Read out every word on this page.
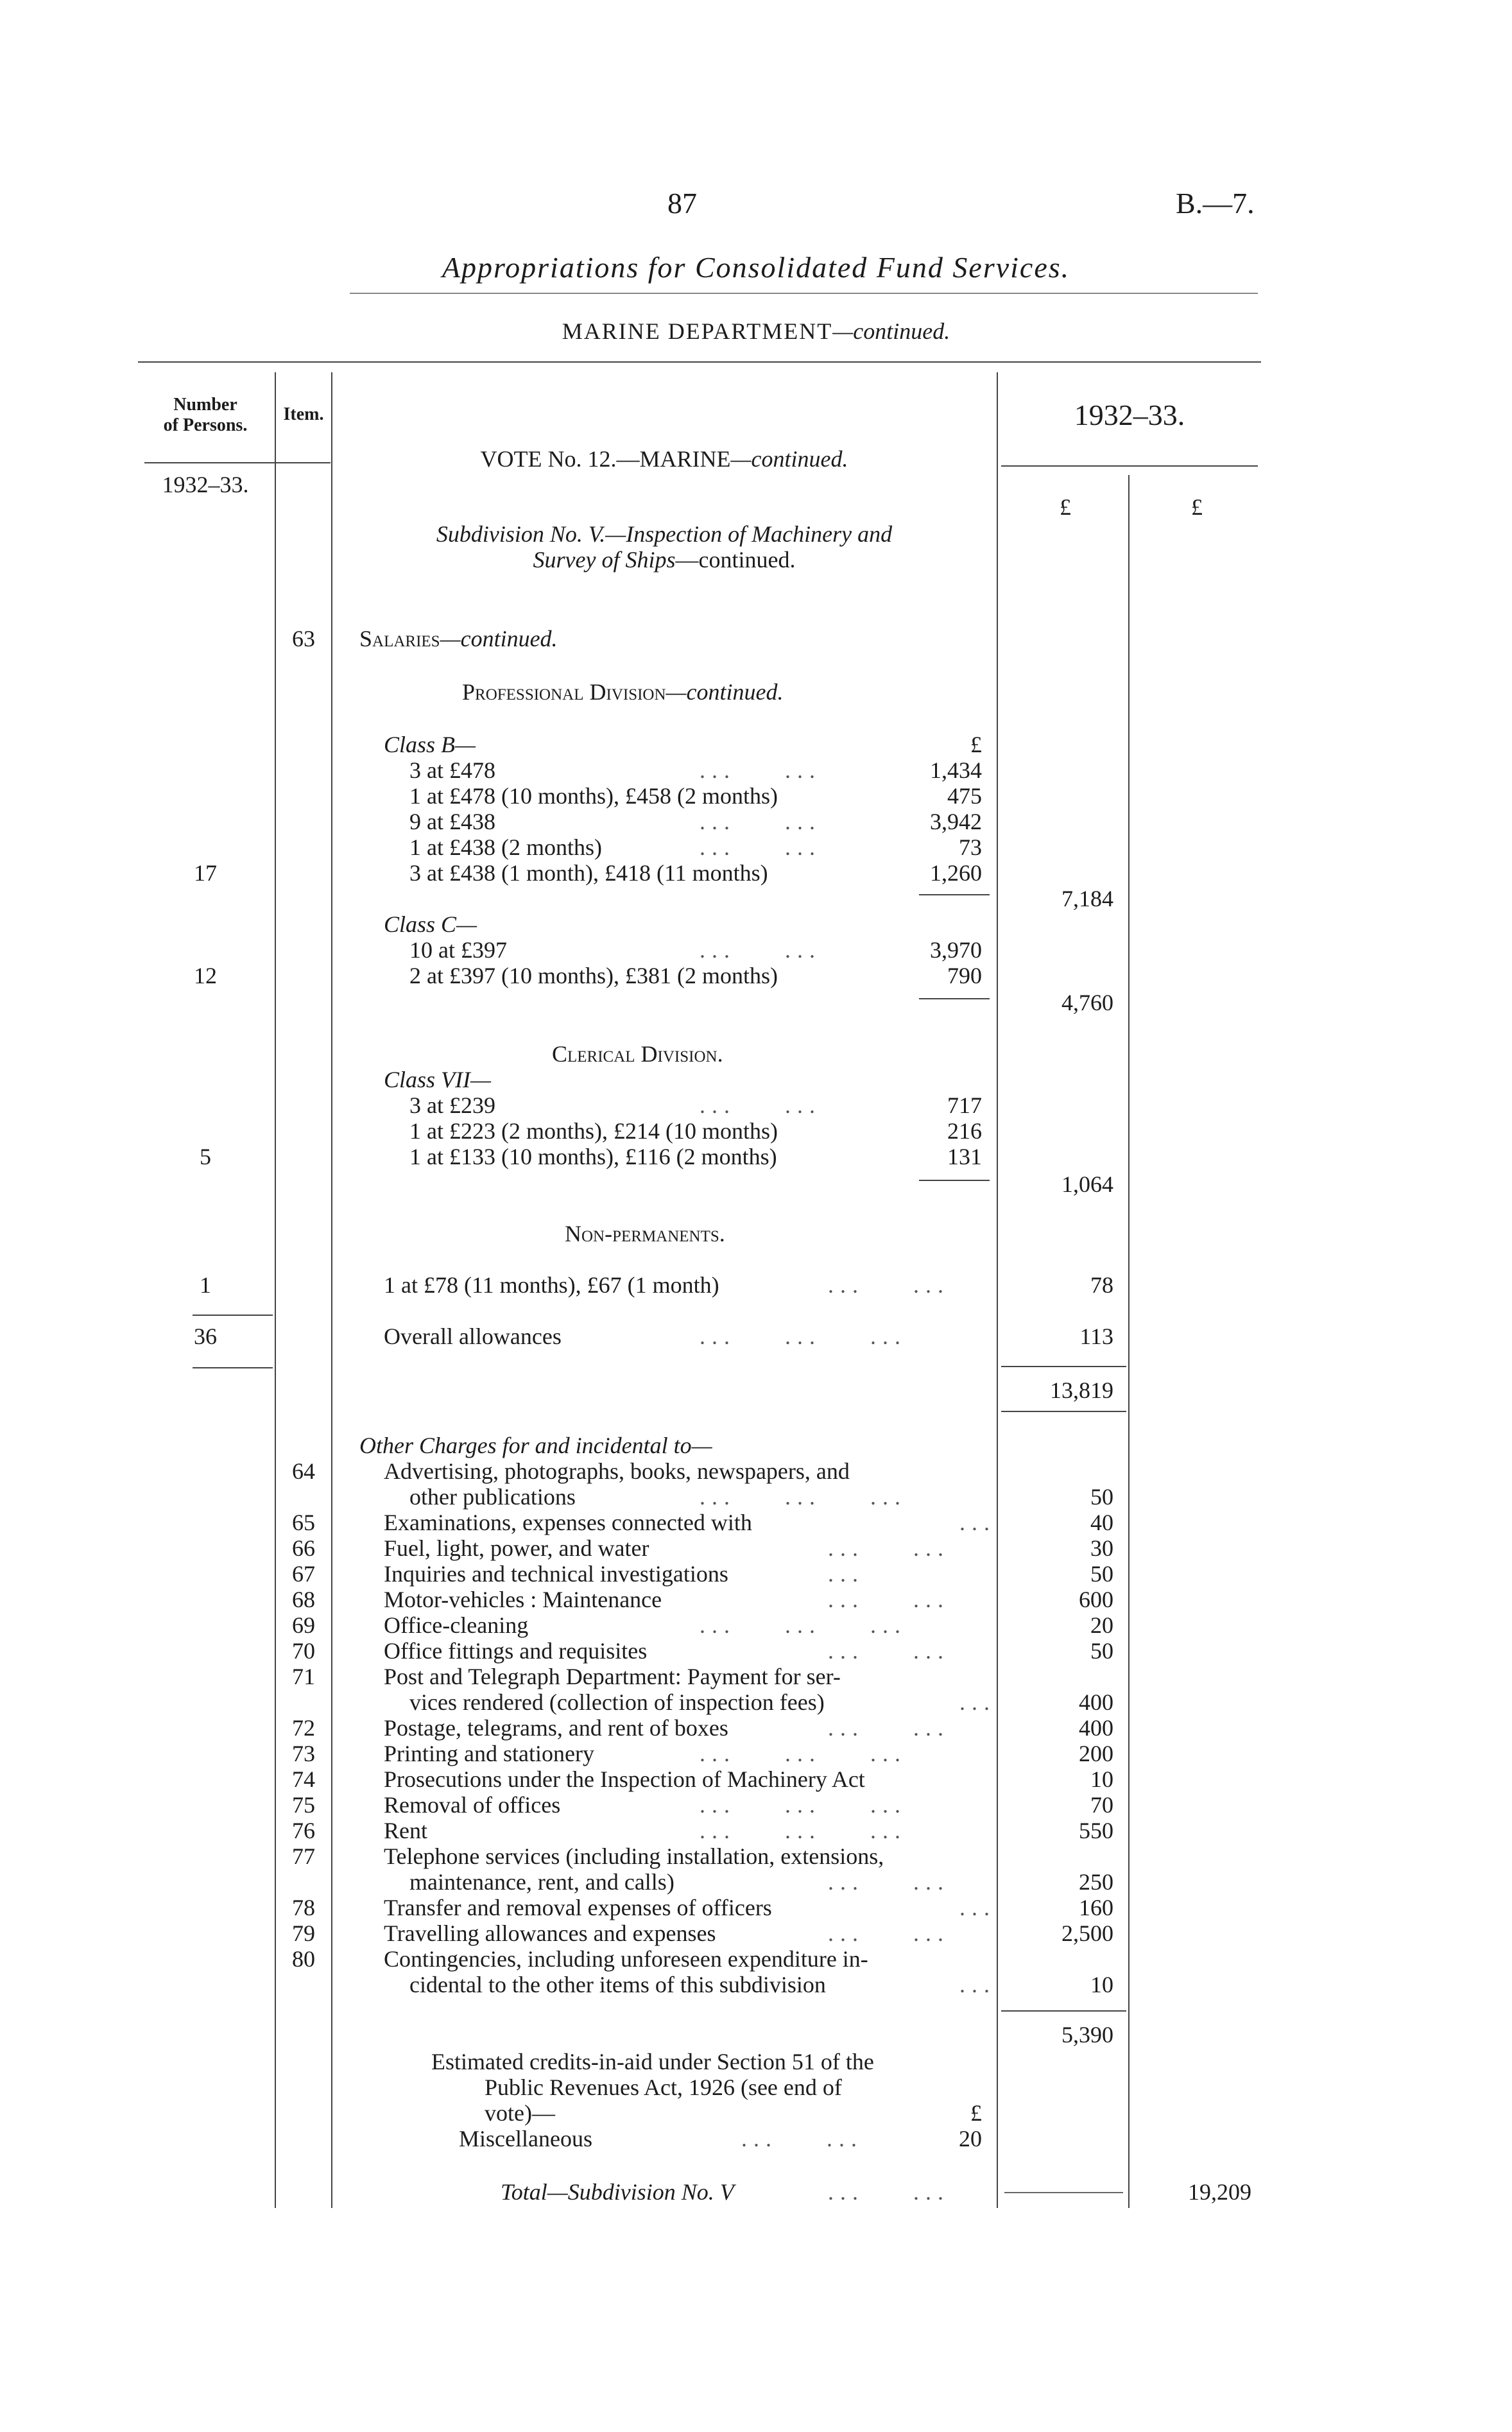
87	B.—7.
Appropriations for Consolidated Fund Services.
MARINE DEPARTMENT—continued.
Number
of Persons.
Item.
1932–33.
1932–33.
£	£
VOTE No. 12.—MARINE—continued.
Subdivision No. V.—Inspection of Machinery and
Survey of Ships—continued.
63	Salaries—continued.
Professional Division—continued.
Class B—	£
3 at £478	...    ...	1,434
1 at £478 (10 months), £458 (2 months)	475
9 at £438	...    ...	3,942
1 at £438 (2 months)	...    ...	73
17	3 at £438 (1 month), £418 (11 months)	1,260
7,184
Class C—
10 at £397	...    ...	3,970
12	2 at £397 (10 months), £381 (2 months)	790
4,760
Clerical Division.
Class VII—
3 at £239	...    ...	717
1 at £223 (2 months), £214 (10 months)	216
5	1 at £133 (10 months), £116 (2 months)	131
1,064
Non-permanents.
1	1 at £78 (11 months), £67 (1 month)	...    ...	78
36	Overall allowances	...    ...    ...	113
13,819
Other Charges for and incidental to—
64	Advertising, photographs, books, newspapers, and
other publications	...    ...    ...	50
65	Examinations, expenses connected with	...	40
66	Fuel, light, power, and water	...    ...	30
67	Inquiries and technical investigations	...	50
68	Motor-vehicles : Maintenance	...    ...	600
69	Office-cleaning	...    ...    ...	20
70	Office fittings and requisites	...    ...	50
71	Post and Telegraph Department: Payment for ser-
vices rendered (collection of inspection fees)	...	400
72	Postage, telegrams, and rent of boxes	...    ...	400
73	Printing and stationery	...    ...    ...	200
74	Prosecutions under the Inspection of Machinery Act	10
75	Removal of offices	...    ...    ...	70
76	Rent	...    ...    ...	550
77	Telephone services (including installation, extensions,
maintenance, rent, and calls)	...    ...	250
78	Transfer and removal expenses of officers	...	160
79	Travelling allowances and expenses	...    ...	2,500
80	Contingencies, including unforeseen expenditure in-
cidental to the other items of this subdivision	...	10
5,390
Estimated credits-in-aid under Section 51 of the
Public Revenues Act, 1926 (see end of
vote)—	£
Miscellaneous	...    ...	20
Total—Subdivision No. V	...    ...	19,209
